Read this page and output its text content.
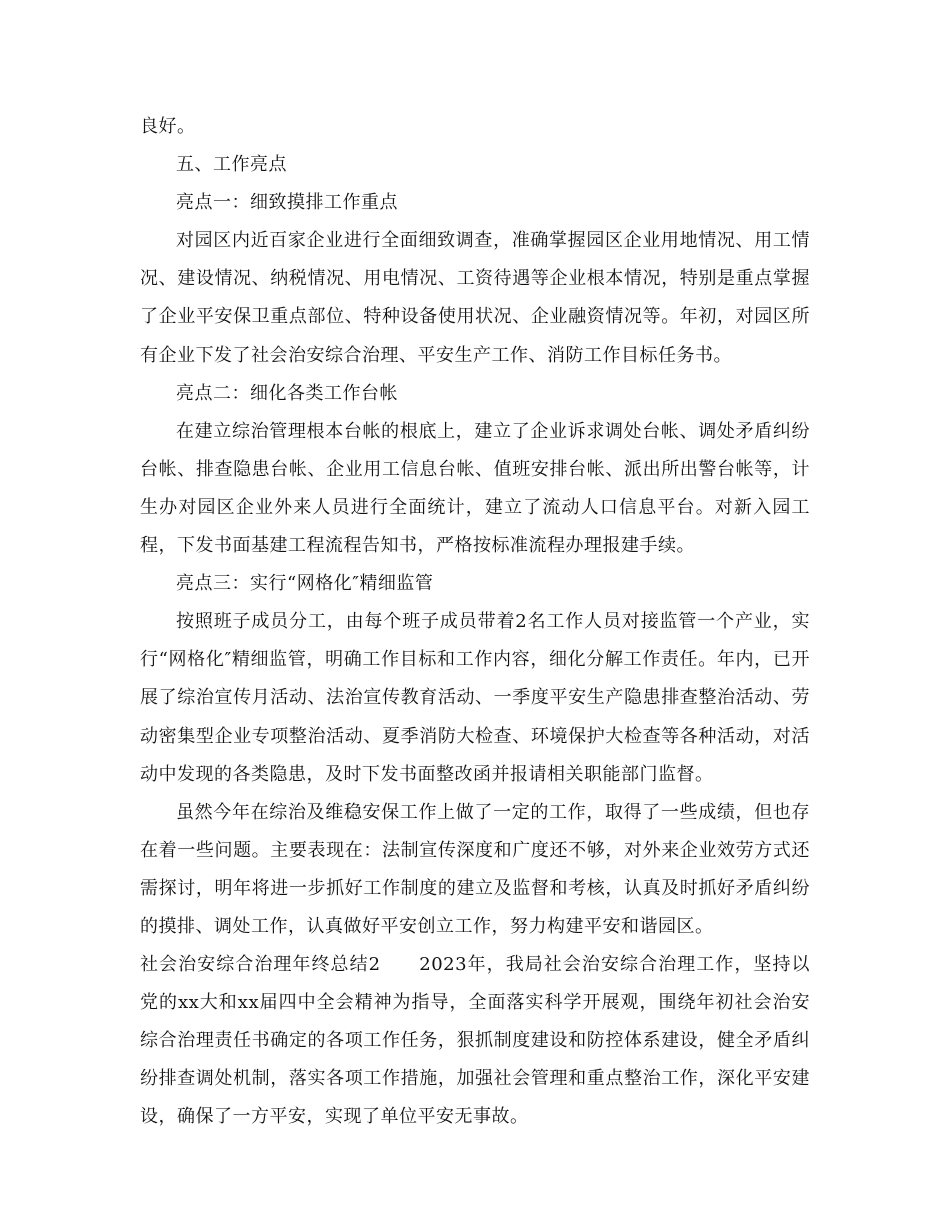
良好。

五、工作亮点

亮点一：细致摸排工作重点

对园区内近百家企业进行全面细致调查，准确掌握园区企业用地情况、用工情况、建设情况、纳税情况、用电情况、工资待遇等企业根本情况，特别是重点掌握了企业平安保卫重点部位、特种设备使用状况、企业融资情况等。年初，对园区所有企业下发了社会治安综合治理、平安生产工作、消防工作目标任务书。

亮点二：细化各类工作台帐

在建立综治管理根本台帐的根底上，建立了企业诉求调处台帐、调处矛盾纠纷台帐、排查隐患台帐、企业用工信息台帐、值班安排台帐、派出所出警台帐等，计生办对园区企业外来人员进行全面统计，建立了流动人口信息平台。对新入园工程，下发书面基建工程流程告知书，严格按标准流程办理报建手续。

亮点三：实行“网格化″精细监管

按照班子成员分工，由每个班子成员带着2名工作人员对接监管一个产业，实行“网格化″精细监管，明确工作目标和工作内容，细化分解工作责任。年内，已开展了综治宣传月活动、法治宣传教育活动、一季度平安生产隐患排查整治活动、劳动密集型企业专项整治活动、夏季消防大检查、环境保护大检查等各种活动，对活动中发现的各类隐患，及时下发书面整改函并报请相关职能部门监督。

虽然今年在综治及维稳安保工作上做了一定的工作，取得了一些成绩，但也存在着一些问题。主要表现在：法制宣传深度和广度还不够，对外来企业效劳方式还需探讨，明年将进一步抓好工作制度的建立及监督和考核，认真及时抓好矛盾纠纷的摸排、调处工作，认真做好平安创立工作，努力构建平安和谐园区。

社会治安综合治理年终总结2　　2023年，我局社会治安综合治理工作，坚持以党的xx大和xx届四中全会精神为指导，全面落实科学开展观，围绕年初社会治安综合治理责任书确定的各项工作任务，狠抓制度建设和防控体系建设，健全矛盾纠纷排查调处机制，落实各项工作措施，加强社会管理和重点整治工作，深化平安建设，确保了一方平安，实现了单位平安无事故。
